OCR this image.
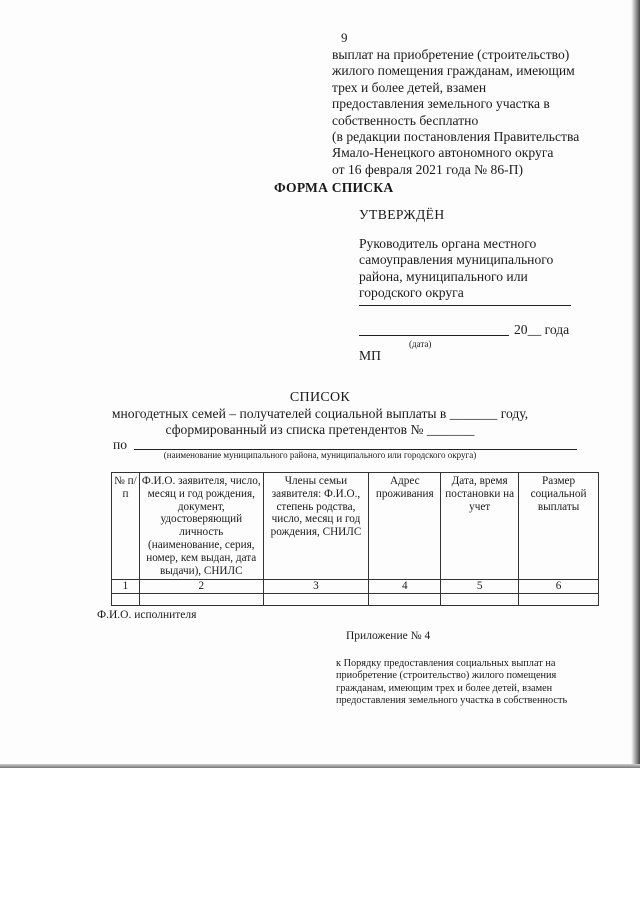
9
выплат на приобретение (строительство)
жилого помещения гражданам, имеющим
трех и более детей, взамен
предоставления земельного участка в
собственность бесплатно
(в редакции постановления Правительства
Ямало-Ненецкого автономного округа
от 16 февраля 2021 года № 86-П)
ФОРМА СПИСКА
УТВЕРЖДЁН
Руководитель органа местного
самоуправления муниципального
района, муниципального или
городского округа
20__ года
(дата)
МП
СПИСОК
многодетных семей – получателей социальной выплаты в _______ году,
сформированный из списка претендентов № _______
по
(наименование муниципального района, муниципального или городского округа)
№ п/п	Ф.И.О. заявителя, число, месяц и год рождения, документ, удостоверяющий личность (наименование, серия, номер, кем выдан, дата выдачи), СНИЛС	Члены семьи заявителя: Ф.И.О., степень родства, число, месяц и год рождения, СНИЛС	Адрес проживания	Дата, время постановки на учет	Размер социальной выплаты
1	2	3	4	5	6

Ф.И.О. исполнителя
Приложение № 4
к Порядку предоставления социальных выплат на
приобретение (строительство) жилого помещения
гражданам, имеющим трех и более детей, взамен
предоставления земельного участка в собственность
